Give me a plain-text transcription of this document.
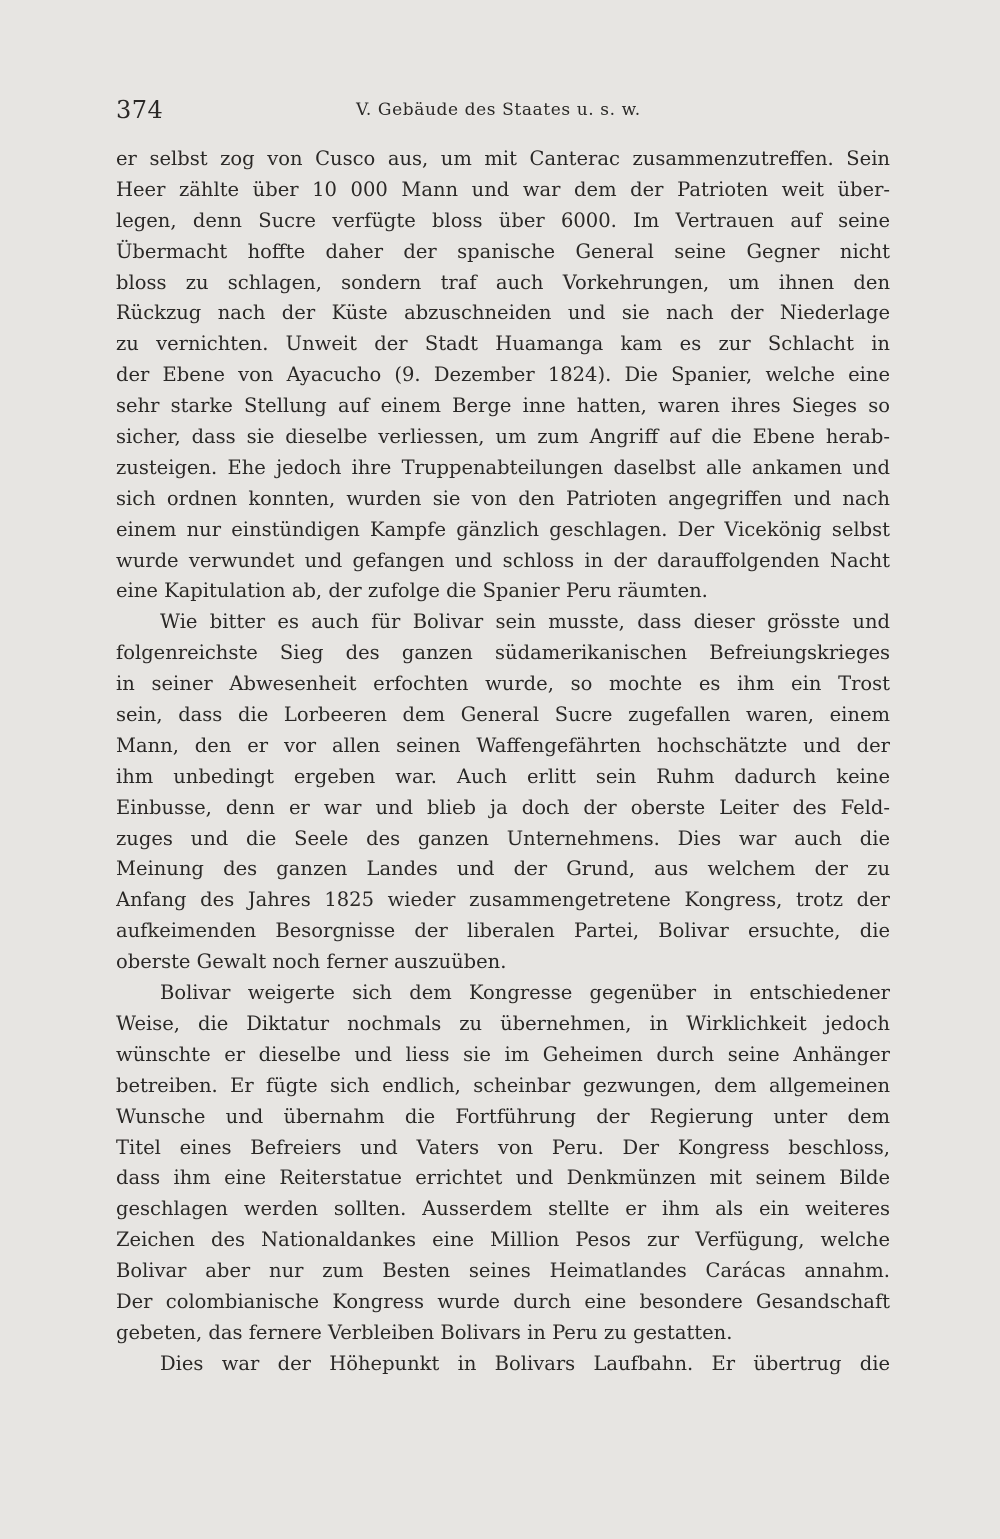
374	V. Gebäude des Staates u. s. w.
er selbst zog von Cusco aus, um mit Canterac zusammenzutreffen. Sein
Heer zählte über 10 000 Mann und war dem der Patrioten weit über-
legen, denn Sucre verfügte bloss über 6000. Im Vertrauen auf seine
Übermacht hoffte daher der spanische General seine Gegner nicht
bloss zu schlagen, sondern traf auch Vorkehrungen, um ihnen den
Rückzug nach der Küste abzuschneiden und sie nach der Niederlage
zu vernichten. Unweit der Stadt Huamanga kam es zur Schlacht in
der Ebene von Ayacucho (9. Dezember 1824). Die Spanier, welche eine
sehr starke Stellung auf einem Berge inne hatten, waren ihres Sieges so
sicher, dass sie dieselbe verliessen, um zum Angriff auf die Ebene herab-
zusteigen. Ehe jedoch ihre Truppenabteilungen daselbst alle ankamen und
sich ordnen konnten, wurden sie von den Patrioten angegriffen und nach
einem nur einstündigen Kampfe gänzlich geschlagen. Der Vicekönig selbst
wurde verwundet und gefangen und schloss in der darauffolgenden Nacht
eine Kapitulation ab, der zufolge die Spanier Peru räumten.
Wie bitter es auch für Bolivar sein musste, dass dieser grösste und
folgenreichste Sieg des ganzen südamerikanischen Befreiungskrieges
in seiner Abwesenheit erfochten wurde, so mochte es ihm ein Trost
sein, dass die Lorbeeren dem General Sucre zugefallen waren, einem
Mann, den er vor allen seinen Waffengefährten hochschätzte und der
ihm unbedingt ergeben war. Auch erlitt sein Ruhm dadurch keine
Einbusse, denn er war und blieb ja doch der oberste Leiter des Feld-
zuges und die Seele des ganzen Unternehmens. Dies war auch die
Meinung des ganzen Landes und der Grund, aus welchem der zu
Anfang des Jahres 1825 wieder zusammengetretene Kongress, trotz der
aufkeimenden Besorgnisse der liberalen Partei, Bolivar ersuchte, die
oberste Gewalt noch ferner auszuüben.
Bolivar weigerte sich dem Kongresse gegenüber in entschiedener
Weise, die Diktatur nochmals zu übernehmen, in Wirklichkeit jedoch
wünschte er dieselbe und liess sie im Geheimen durch seine Anhänger
betreiben. Er fügte sich endlich, scheinbar gezwungen, dem allgemeinen
Wunsche und übernahm die Fortführung der Regierung unter dem
Titel eines Befreiers und Vaters von Peru. Der Kongress beschloss,
dass ihm eine Reiterstatue errichtet und Denkmünzen mit seinem Bilde
geschlagen werden sollten. Ausserdem stellte er ihm als ein weiteres
Zeichen des Nationaldankes eine Million Pesos zur Verfügung, welche
Bolivar aber nur zum Besten seines Heimatlandes Carácas annahm.
Der colombianische Kongress wurde durch eine besondere Gesandschaft
gebeten, das fernere Verbleiben Bolivars in Peru zu gestatten.
Dies war der Höhepunkt in Bolivars Laufbahn. Er übertrug die
